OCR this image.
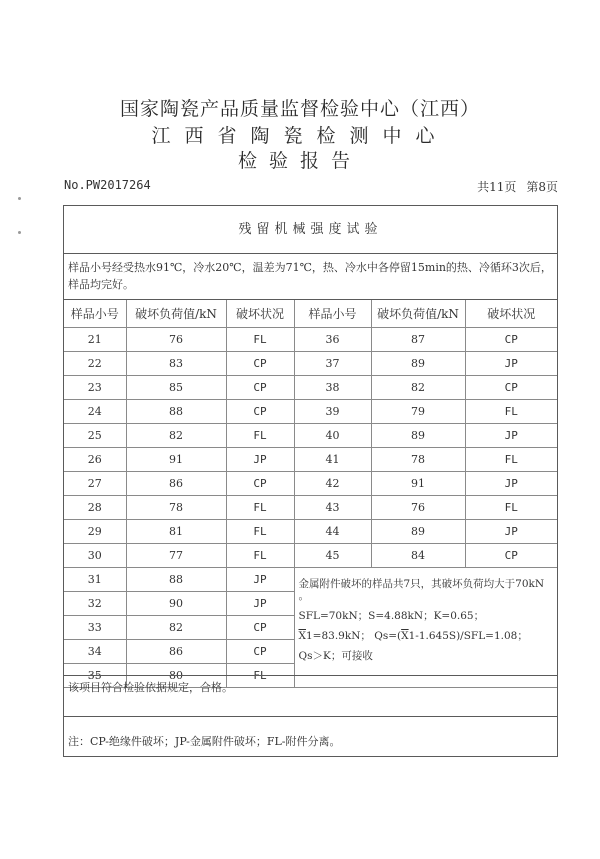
国家陶瓷产品质量监督检验中心（江西）
江西省陶瓷检测中心
检验报告
No.PW2017264	共11页 第8页
残留机械强度试验
样品小号经受热水91℃，冷水20℃，温差为71℃，热、冷水中各停留15min的热、冷循环3次后，样品均完好。
样品小号	破坏负荷值/kN	破坏状况	样品小号	破坏负荷值/kN	破坏状况
21	76	FL	36	87	CP
22	83	CP	37	89	JP
23	85	CP	38	82	CP
24	88	CP	39	79	FL
25	82	FL	40	89	JP
26	91	JP	41	78	FL
27	86	CP	42	91	JP
28	78	FL	43	76	FL
29	81	FL	44	89	JP
30	77	FL	45	84	CP
31	88	JP	金属附件破坏的样品共7只，其破坏负荷均大于70kN
。
SFL=70kN；S=4.88kN；K=0.65；
$\overline{X}1=83.9kN$； $Qs=(\overline{X}1-1.645S)/SFL=1.08$；
Qs＞K；可接收		

32	90	JP			
33	82	CP			
34	86	CP			
35	80	FL			
该项目符合检验依据规定，合格。
注：CP-绝缘件破坏；JP-金属附件破坏；FL-附件分离。
